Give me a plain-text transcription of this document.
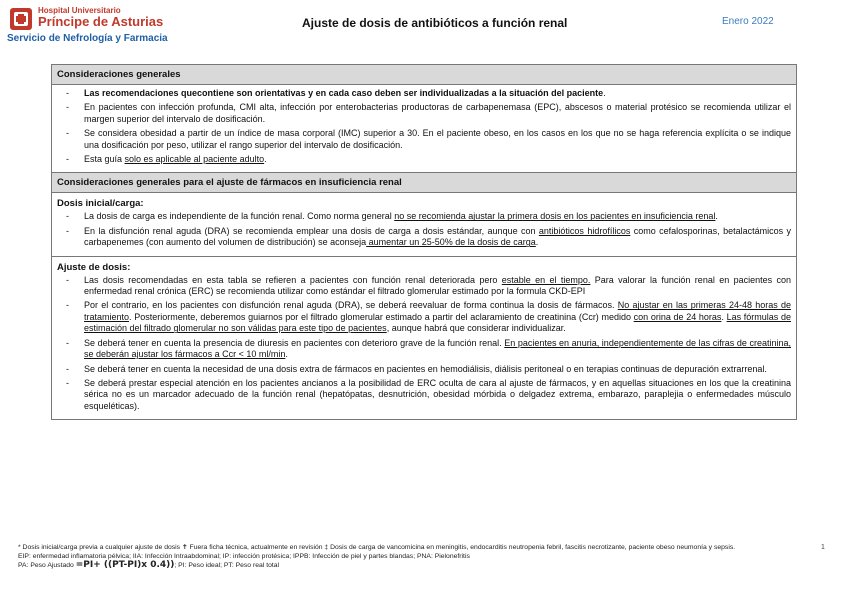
Hospital Universitario
Príncipe de Asturias
Servicio de Nefrología y Farmacia
Ajuste de dosis de antibióticos a función renal	Enero 2022
Consideraciones generales
- Las recomendaciones quecontiene son orientativas y en cada caso deben ser individualizadas a la situación del paciente.
- En pacientes con infección profunda, CMI alta, infección por enterobacterias productoras de carbapenemasa (EPC), abscesos o material protésico se recomienda utilizar el margen superior del intervalo de dosificación.
- Se considera obesidad a partir de un índice de masa corporal (IMC) superior a 30. En el paciente obeso, en los casos en los que no se haga referencia explícita o se indique una dosificación por peso, utilizar el rango superior del intervalo de dosificación.
- Esta guía solo es aplicable al paciente adulto.
Consideraciones generales para el ajuste de fármacos en insuficiencia renal
Dosis inicial/carga:
- La dosis de carga es independiente de la función renal. Como norma general no se recomienda ajustar la primera dosis en los pacientes en insuficiencia renal.
- En la disfunción renal aguda (DRA) se recomienda emplear una dosis de carga a dosis estándar, aunque con antibióticos hidrofílicos como cefalosporinas, betalactámicos y carbapenemes (con aumento del volumen de distribución) se aconseja aumentar un 25-50% de la dosis de carga.
Ajuste de dosis:
- Las dosis recomendadas en esta tabla se refieren a pacientes con función renal deteriorada pero estable en el tiempo. Para valorar la función renal en pacientes con enfermedad renal crónica (ERC) se recomienda utilizar como estándar el filtrado glomerular estimado por la formula CKD-EPI
- Por el contrario, en los pacientes con disfunción renal aguda (DRA), se deberá reevaluar de forma continua la dosis de fármacos. No ajustar en las primeras 24-48 horas de tratamiento. Posteriormente, deberemos guiarnos por el filtrado glomerular estimado a partir del aclaramiento de creatinina (Ccr) medido con orina de 24 horas. Las fórmulas de estimación del filtrado glomerular no son válidas para este tipo de pacientes, aunque habrá que considerar individualizar.
- Se deberá tener en cuenta la presencia de diuresis en pacientes con deterioro grave de la función renal. En pacientes en anuria, independientemente de las cifras de creatinina, se deberán ajustar los fármacos a Ccr < 10 ml/min.
- Se deberá tener en cuenta la necesidad de una dosis extra de fármacos en pacientes en hemodiálisis, diálisis peritoneal o en terapias continuas de depuración extrarrenal.
- Se deberá prestar especial atención en los pacientes ancianos a la posibilidad de ERC oculta de cara al ajuste de fármacos, y en aquellas situaciones en los que la creatinina sérica no es un marcador adecuado de la función renal (hepatópatas, desnutrición, obesidad mórbida o delgadez extrema, embarazo, paraplejia o enfermedades músculo esqueléticas).
* Dosis inicial/carga previa a cualquier ajuste de dosis ✝ Fuera ficha técnica, actualmente en revisión ‡ Dosis de carga de vancomicina en meningitis, endocarditis neutropenia febril, fascitis necrotizante, paciente obeso neumonía y sepsis.
EIP: enfermedad inflamatoria pélvica; IIA: Infección Intraabdominal; IP: infección protésica; IPPB: Infección de piel y partes blandas; PNA: Pielonefritis
PA: Peso Ajustado =PI+ ((PT-PI)x 0.4)); PI: Peso ideal; PT: Peso real total
1
